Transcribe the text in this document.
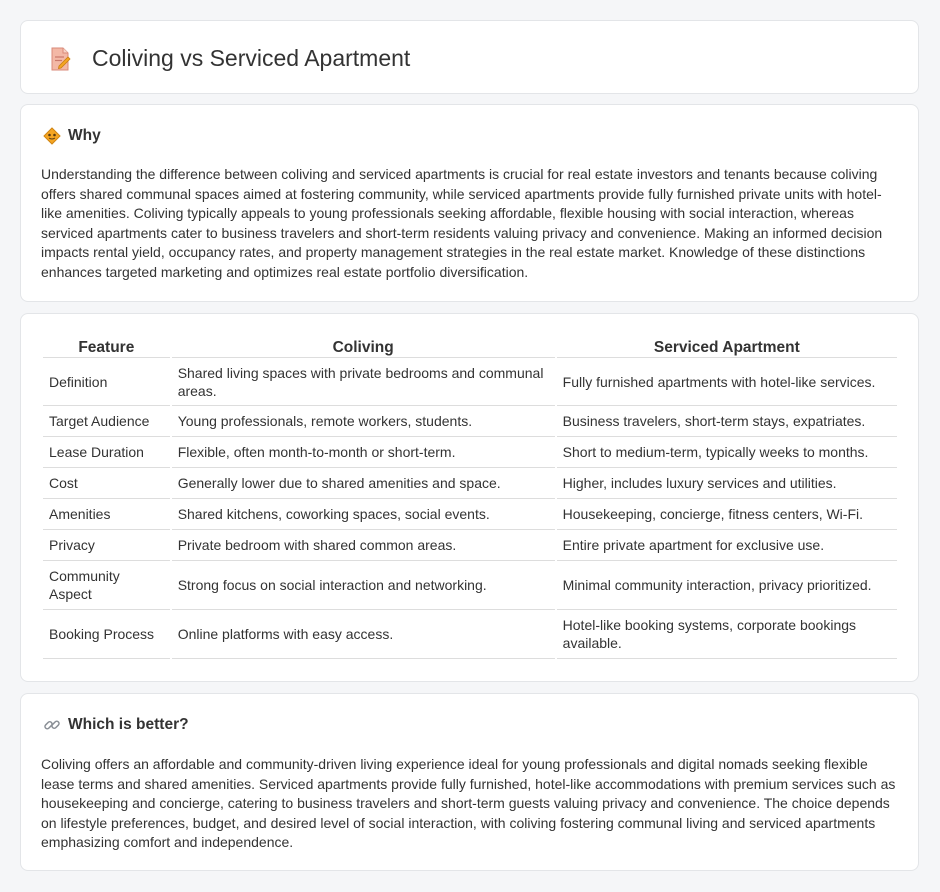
Coliving vs Serviced Apartment
Why

Understanding the difference between coliving and serviced apartments is crucial for real estate investors and tenants because coliving offers shared communal spaces aimed at fostering community, while serviced apartments provide fully furnished private units with hotel-like amenities. Coliving typically appeals to young professionals seeking affordable, flexible housing with social interaction, whereas serviced apartments cater to business travelers and short-term residents valuing privacy and convenience. Making an informed decision impacts rental yield, occupancy rates, and property management strategies in the real estate market. Knowledge of these distinctions enhances targeted marketing and optimizes real estate portfolio diversification.

Feature	Coliving	Serviced Apartment
Definition	Shared living spaces with private bedrooms and communal areas.	Fully furnished apartments with hotel-like services.
Target Audience	Young professionals, remote workers, students.	Business travelers, short-term stays, expatriates.
Lease Duration	Flexible, often month-to-month or short-term.	Short to medium-term, typically weeks to months.
Cost	Generally lower due to shared amenities and space.	Higher, includes luxury services and utilities.
Amenities	Shared kitchens, coworking spaces, social events.	Housekeeping, concierge, fitness centers, Wi-Fi.
Privacy	Private bedroom with shared common areas.	Entire private apartment for exclusive use.
Community Aspect	Strong focus on social interaction and networking.	Minimal community interaction, privacy prioritized.
Booking Process	Online platforms with easy access.	Hotel-like booking systems, corporate bookings available.
Which is better?

Coliving offers an affordable and community-driven living experience ideal for young professionals and digital nomads seeking flexible lease terms and shared amenities. Serviced apartments provide fully furnished, hotel-like accommodations with premium services such as housekeeping and concierge, catering to business travelers and short-term guests valuing privacy and convenience. The choice depends on lifestyle preferences, budget, and desired level of social interaction, with coliving fostering communal living and serviced apartments emphasizing comfort and independence.
